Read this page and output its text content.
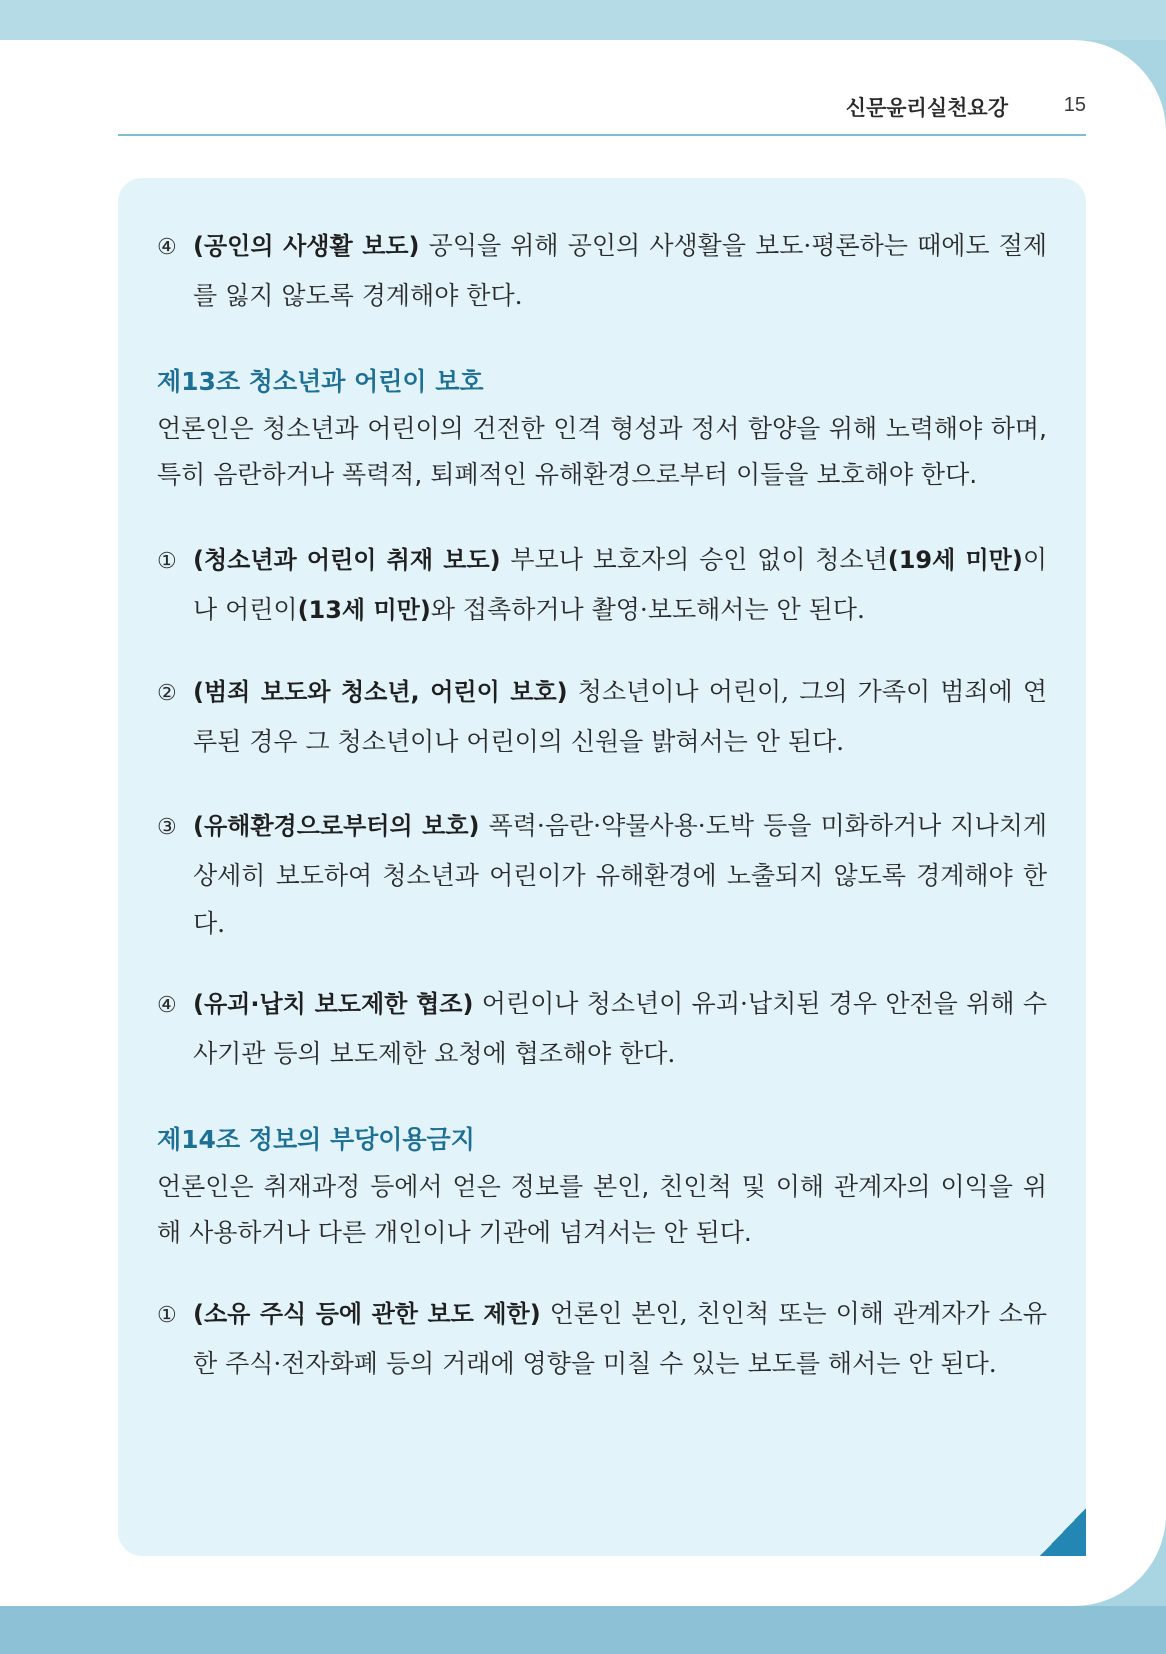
신문윤리실천요강	15
④ (공인의 사생활 보도) 공익을 위해 공인의 사생활을 보도·평론하는 때에도 절제를 잃지 않도록 경계해야 한다.
제13조 청소년과 어린이 보호
언론인은 청소년과 어린이의 건전한 인격 형성과 정서 함양을 위해 노력해야 하며, 특히 음란하거나 폭력적, 퇴폐적인 유해환경으로부터 이들을 보호해야 한다.
① (청소년과 어린이 취재 보도) 부모나 보호자의 승인 없이 청소년(19세 미만)이나 어린이(13세 미만)와 접촉하거나 촬영·보도해서는 안 된다.
② (범죄 보도와 청소년, 어린이 보호) 청소년이나 어린이, 그의 가족이 범죄에 연루된 경우 그 청소년이나 어린이의 신원을 밝혀서는 안 된다.
③ (유해환경으로부터의 보호) 폭력·음란·약물사용·도박 등을 미화하거나 지나치게 상세히 보도하여 청소년과 어린이가 유해환경에 노출되지 않도록 경계해야 한다.
④ (유괴·납치 보도제한 협조) 어린이나 청소년이 유괴·납치된 경우 안전을 위해 수사기관 등의 보도제한 요청에 협조해야 한다.
제14조 정보의 부당이용금지
언론인은 취재과정 등에서 얻은 정보를 본인, 친인척 및 이해 관계자의 이익을 위해 사용하거나 다른 개인이나 기관에 넘겨서는 안 된다.
① (소유 주식 등에 관한 보도 제한) 언론인 본인, 친인척 또는 이해 관계자가 소유한 주식·전자화폐 등의 거래에 영향을 미칠 수 있는 보도를 해서는 안 된다.
